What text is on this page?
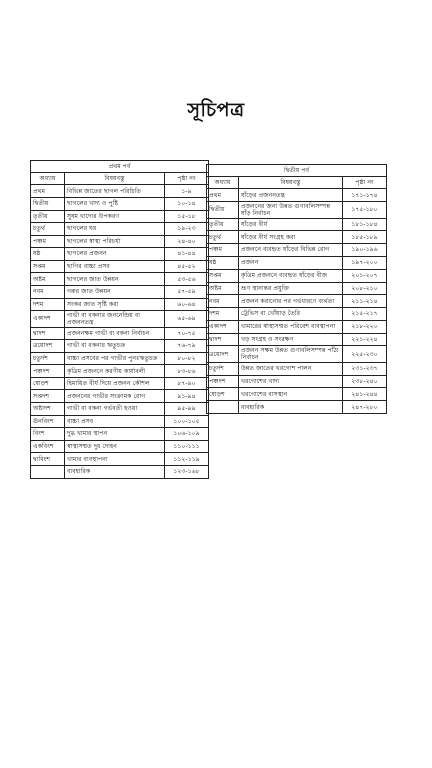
সূচিপত্র
প্রথম পর্ব		
অধ্যায়	বিষয়বস্তু	পৃষ্ঠা নং
প্রথম	বিভিন্ন জাতের ছাগল পরিচিতি	১-৯
দ্বিতীয়	ছাগলের খাদ্য ও পুষ্টি	১০-১৪
তৃতীয়	সুষম খাদ্যের উপকরণ	১৫-১৮
চতুর্থ	ছাগলের ঘর	১৯-২৩
পঞ্চম	ছাগলের স্বাস্থ্য পরিচর্যা	২৪-৪০
ষষ্ঠ	ছাগলের প্রজনন	৪১-৪৪
সপ্তম	ছাগির বাচ্চা প্রসব	৪৫-৫২
অষ্টম	ছাগলের জাত উন্নয়ন	৫৩-৫৬
নবম	গরুর জাত উন্নয়ন	৫৭-৫৯
দশম	সংকর জাত সৃষ্টি করা	৬০-৬৪
একাদশ	গাভী বা বকনার জননেন্দ্রিয় বা প্রজননতন্ত্র	৬৫-৬৯
দ্বাদশ	প্রজননক্ষম গাভী বা বকনা নির্বাচন	৭০-৭৫
ত্রয়োদশ	গাভী বা বকনার ঋতুচক্র	৭৬-৭৯
চতুর্দশ	বাচ্চা প্রসবের পর গাভীর পুনঃঋতুচক্র	৮০-৮২
পঞ্চদশ	কৃত্রিম প্রজননে করণীয় কার্যাবলী	৮৩-৮৬
ষোড়শ	হিমায়িত বীর্য দিয়ে প্রজনন কৌশল	৮৭-৯০
সপ্তদশ	প্রজননের গাভীর সংক্রামক রোগ	৯১-৯৪
অষ্টাদশ	গাভী বা বকনা গর্ভবতী হওয়া	৯৫-৯৯
ঊনবিংশ	বাচ্চা প্রসব	১০০-১০৫
বিংশ	দুগ্ধ খামার স্থাপন	১০৬-১০৯
একবিংশ	স্বাস্থ্যসম্মত দুধ দোহন	১১০-১১১
দ্বাবিংশ	খামার ব্যবস্থাপনা	১১২-১১৯
	ব্যবহারিক	১২৩-১৬৮
দ্বিতীয় পর্ব		
অধ্যায়	বিষয়বস্তু	পৃষ্ঠা নং
প্রথম	ষাঁড়ের প্রজননতন্ত্র	১৭১-১৭৪
দ্বিতীয়	প্রজননের জন্য উন্নত গুণাবলিসম্পন্ন ষাঁড় নির্বাচন	১৭৫-১৮০
তৃতীয়	ষাঁড়ের বীর্য	১৮১-১৮৪
চতুর্থ	ষাঁড়ের বীর্য সংগ্রহ করা	১৮৫-১৮৯
পঞ্চম	প্রজননে ব্যবহৃত ষাঁড়ের বিভিন্ন রোগ	১৯০-১৯৬
ষষ্ঠ	প্রজনন	১৯৭-২০০
সপ্তম	কৃত্রিম প্রজননে ব্যবহৃত ষাঁড়ের বীজ	২০১-২০৭
অষ্টম	ভ্রূণ স্থানান্তর প্রযুক্তি	২০৮-২১০
নবম	প্রজনন করানোর পর গর্ভধারণে ব্যর্থতা	২১১-২১৪
দশম	ট্রেভিস বা খোঁয়াড় তৈরি	২১৫-২১৭
একাদশ	খামারের স্বাস্থ্যসম্মত পরিবেশ ব্যবস্থাপনা	২১৮-২২০
দ্বাদশ	খড় সংগ্রহ ও সংরক্ষণ	২২১-২২৪
ত্রয়োদশ	প্রজনন সক্ষম উন্নত গুণাবলিসম্পন্ন পাঁঠা নির্বাচন	২২৫-২৩০
চতুর্দশ	উন্নত জাতের খরগোশ পালন	২৩১-২৩৭
পঞ্চদশ	খরগোশের খাদ্য	২৩৮-২৪০
ষোড়শ	খরগোশের বাসস্থান	২৪১-২৪৪
	ব্যবহারিক	২৪৭-২৮০
